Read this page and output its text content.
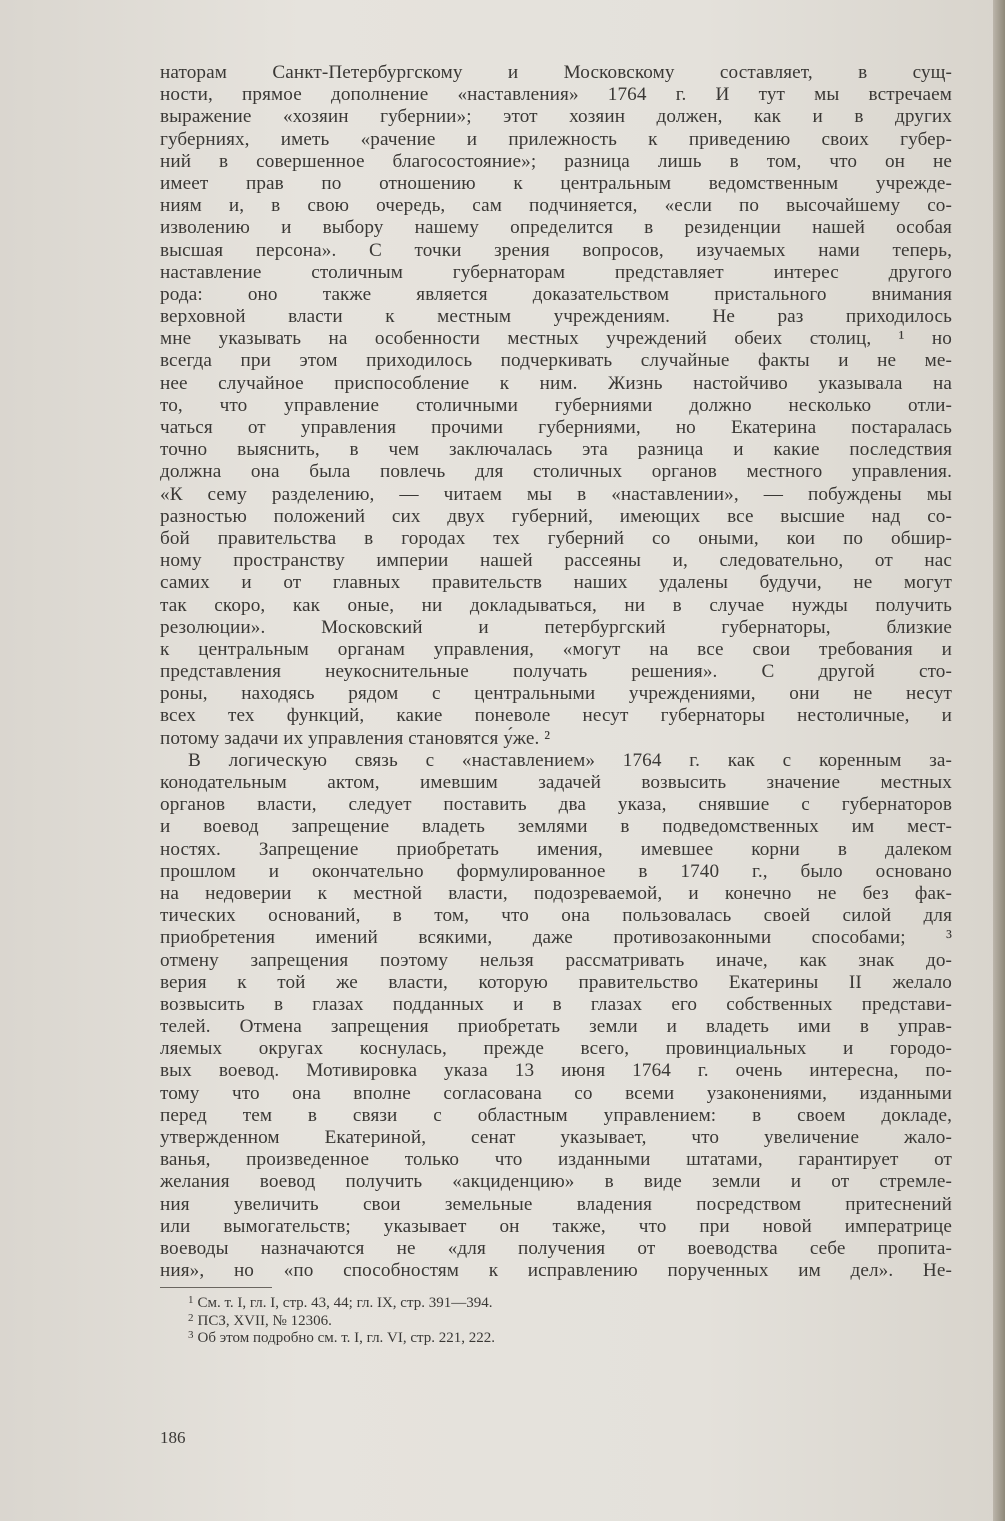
наторам Санкт-Петербургскому и Московскому составляет, в сущ-
ности, прямое дополнение «наставления» 1764 г. И тут мы встречаем
выражение «хозяин губернии»; этот хозяин должен, как и в других
губерниях, иметь «рачение и прилежность к приведению своих губер-
ний в совершенное благосостояние»; разница лишь в том, что он не
имеет прав по отношению к центральным ведомственным учрежде-
ниям и, в свою очередь, сам подчиняется, «если по высочайшему со-
изволению и выбору нашему определится в резиденции нашей особая
высшая персона». С точки зрения вопросов, изучаемых нами теперь,
наставление столичным губернаторам представляет интерес другого
рода: оно также является доказательством пристального внимания
верховной власти к местным учреждениям. Не раз приходилось
мне указывать на особенности местных учреждений обеих столиц, ¹ но
всегда при этом приходилось подчеркивать случайные факты и не ме-
нее случайное приспособление к ним. Жизнь настойчиво указывала на
то, что управление столичными губерниями должно несколько отли-
чаться от управления прочими губерниями, но Екатерина постаралась
точно выяснить, в чем заключалась эта разница и какие последствия
должна она была повлечь для столичных органов местного управления.
«К сему разделению, — читаем мы в «наставлении», — побуждены мы
разностью положений сих двух губерний, имеющих все высшие над со-
бой правительства в городах тех губерний со оными, кои по обшир-
ному пространству империи нашей рассеяны и, следовательно, от нас
самих и от главных правительств наших удалены будучи, не могут
так скоро, как оные, ни докладываться, ни в случае нужды получить
резолюции». Московский и петербургский губернаторы, близкие
к центральным органам управления, «могут на все свои требования и
представления неукоснительные получать решения». С другой сто-
роны, находясь рядом с центральными учреждениями, они не несут
всех тех функций, какие поневоле несут губернаторы нестоличные, и
потому задачи их управления становятся у́же. ²
В логическую связь с «наставлением» 1764 г. как с коренным за-
конодательным актом, имевшим задачей возвысить значение местных
органов власти, следует поставить два указа, снявшие с губернаторов
и воевод запрещение владеть землями в подведомственных им мест-
ностях. Запрещение приобретать имения, имевшее корни в далеком
прошлом и окончательно формулированное в 1740 г., было основано
на недоверии к местной власти, подозреваемой, и конечно не без фак-
тических оснований, в том, что она пользовалась своей силой для
приобретения имений всякими, даже противозаконными способами; ³
отмену запрещения поэтому нельзя рассматривать иначе, как знак до-
верия к той же власти, которую правительство Екатерины II желало
возвысить в глазах подданных и в глазах его собственных представи-
телей. Отмена запрещения приобретать земли и владеть ими в управ-
ляемых округах коснулась, прежде всего, провинциальных и городо-
вых воевод. Мотивировка указа 13 июня 1764 г. очень интересна, по-
тому что она вполне согласована со всеми узаконениями, изданными
перед тем в связи с областным управлением: в своем докладе,
утвержденном Екатериной, сенат указывает, что увеличение жало-
ванья, произведенное только что изданными штатами, гарантирует от
желания воевод получить «акциденцию» в виде земли и от стремле-
ния увеличить свои земельные владения посредством притеснений
или вымогательств; указывает он также, что при новой императрице
воеводы назначаются не «для получения от воеводства себе пропита-
ния», но «по способностям к исправлению порученных им дел». Не-
$^1$ См. т. I, гл. I, стр. 43, 44; гл. IX, стр. 391—394.
$^2$ ПСЗ, XVII, № 12306.
$^3$ Об этом подробно см. т. I, гл. VI, стр. 221, 222.
186
